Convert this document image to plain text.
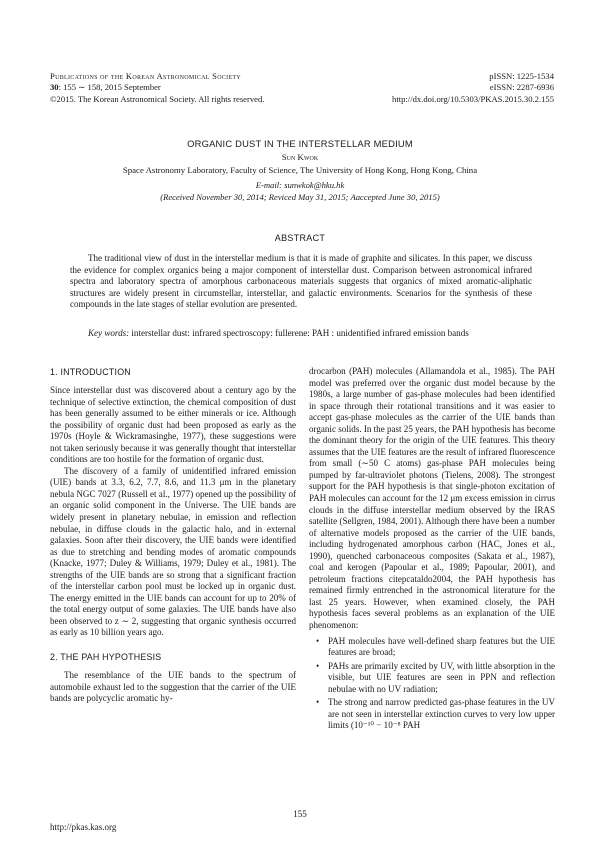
Publications of the Korean Astronomical Society
30: 155 ∼ 158, 2015 September
©2015. The Korean Astronomical Society. All rights reserved.
pISSN: 1225-1534
eISSN: 2287-6936
http://dx.doi.org/10.5303/PKAS.2015.30.2.155
ORGANIC DUST IN THE INTERSTELLAR MEDIUM
Sun Kwok
Space Astronomy Laboratory, Faculty of Science, The University of Hong Kong, Hong Kong, China
E-mail: sunwkok@hku.hk
(Received November 30, 2014; Reviced May 31, 2015; Aaccepted June 30, 2015)
ABSTRACT

The traditional view of dust in the interstellar medium is that it is made of graphite and silicates. In this paper, we discuss the evidence for complex organics being a major component of interstellar dust. Comparison between astronomical infrared spectra and laboratory spectra of amorphous carbonaceous materials suggests that organics of mixed aromatic-aliphatic structures are widely present in circumstellar, interstellar, and galactic environments. Scenarios for the synthesis of these compounds in the late stages of stellar evolution are presented.

Key words: interstellar dust: infrared spectroscopy: fullerene: PAH : unidentified infrared emission bands
1. INTRODUCTION

Since interstellar dust was discovered about a century ago by the technique of selective extinction, the chemical composition of dust has been generally assumed to be either minerals or ice. Although the possibility of organic dust had been proposed as early as the 1970s (Hoyle & Wickramasinghe, 1977), these suggestions were not taken seriously because it was generally thought that interstellar conditions are too hostile for the formation of organic dust.

The discovery of a family of unidentified infrared emission (UIE) bands at 3.3, 6.2, 7.7, 8.6, and 11.3 μm in the planetary nebula NGC 7027 (Russell et al., 1977) opened up the possibility of an organic solid component in the Universe. The UIE bands are widely present in planetary nebulae, in emission and reflection nebulae, in diffuse clouds in the galactic halo, and in external galaxies. Soon after their discovery, the UIE bands were identified as due to stretching and bending modes of aromatic compounds (Knacke, 1977; Duley & Williams, 1979; Duley et al., 1981). The strengths of the UIE bands are so strong that a significant fraction of the interstellar carbon pool must be locked up in organic dust. The energy emitted in the UIE bands can account for up to 20% of the total energy output of some galaxies. The UIE bands have also been observed to z ∼ 2, suggesting that organic synthesis occurred as early as 10 billion years ago.

2. THE PAH HYPOTHESIS

The resemblance of the UIE bands to the spectrum of automobile exhaust led to the suggestion that the carrier of the UIE bands are polycyclic aromatic hy-

drocarbon (PAH) molecules (Allamandola et al., 1985). The PAH model was preferred over the organic dust model because by the 1980s, a large number of gas-phase molecules had been identified in space through their rotational transitions and it was easier to accept gas-phase molecules as the carrier of the UIE bands than organic solids. In the past 25 years, the PAH hypothesis has become the dominant theory for the origin of the UIE features. This theory assumes that the UIE features are the result of infrared fluorescence from small (∼50 C atoms) gas-phase PAH molecules being pumped by far-ultraviolet photons (Tielens, 2008). The strongest support for the PAH hypothesis is that single-photon excitation of PAH molecules can account for the 12 μm excess emission in cirrus clouds in the diffuse interstellar medium observed by the IRAS satellite (Sellgren, 1984, 2001). Although there have been a number of alternative models proposed as the carrier of the UIE bands, including hydrogenated amorphous carbon (HAC, Jones et al., 1990), quenched carbonaceous composites (Sakata et al., 1987), coal and kerogen (Papoular et al., 1989; Papoular, 2001), and petroleum fractions citepcataldo2004, the PAH hypothesis has remained firmly entrenched in the astronomical literature for the last 25 years. However, when examined closely, the PAH hypothesis faces several problems as an explanation of the UIE phenomenon:

• PAH molecules have well-defined sharp features but the UIE features are broad;
• PAHs are primarily excited by UV, with little absorption in the visible, but UIE features are seen in PPN and reflection nebulae with no UV radiation;
• The strong and narrow predicted gas-phase features in the UV are not seen in interstellar extinction curves to very low upper limits (10⁻¹⁰ − 10⁻⁸ PAH
155
http://pkas.kas.org
